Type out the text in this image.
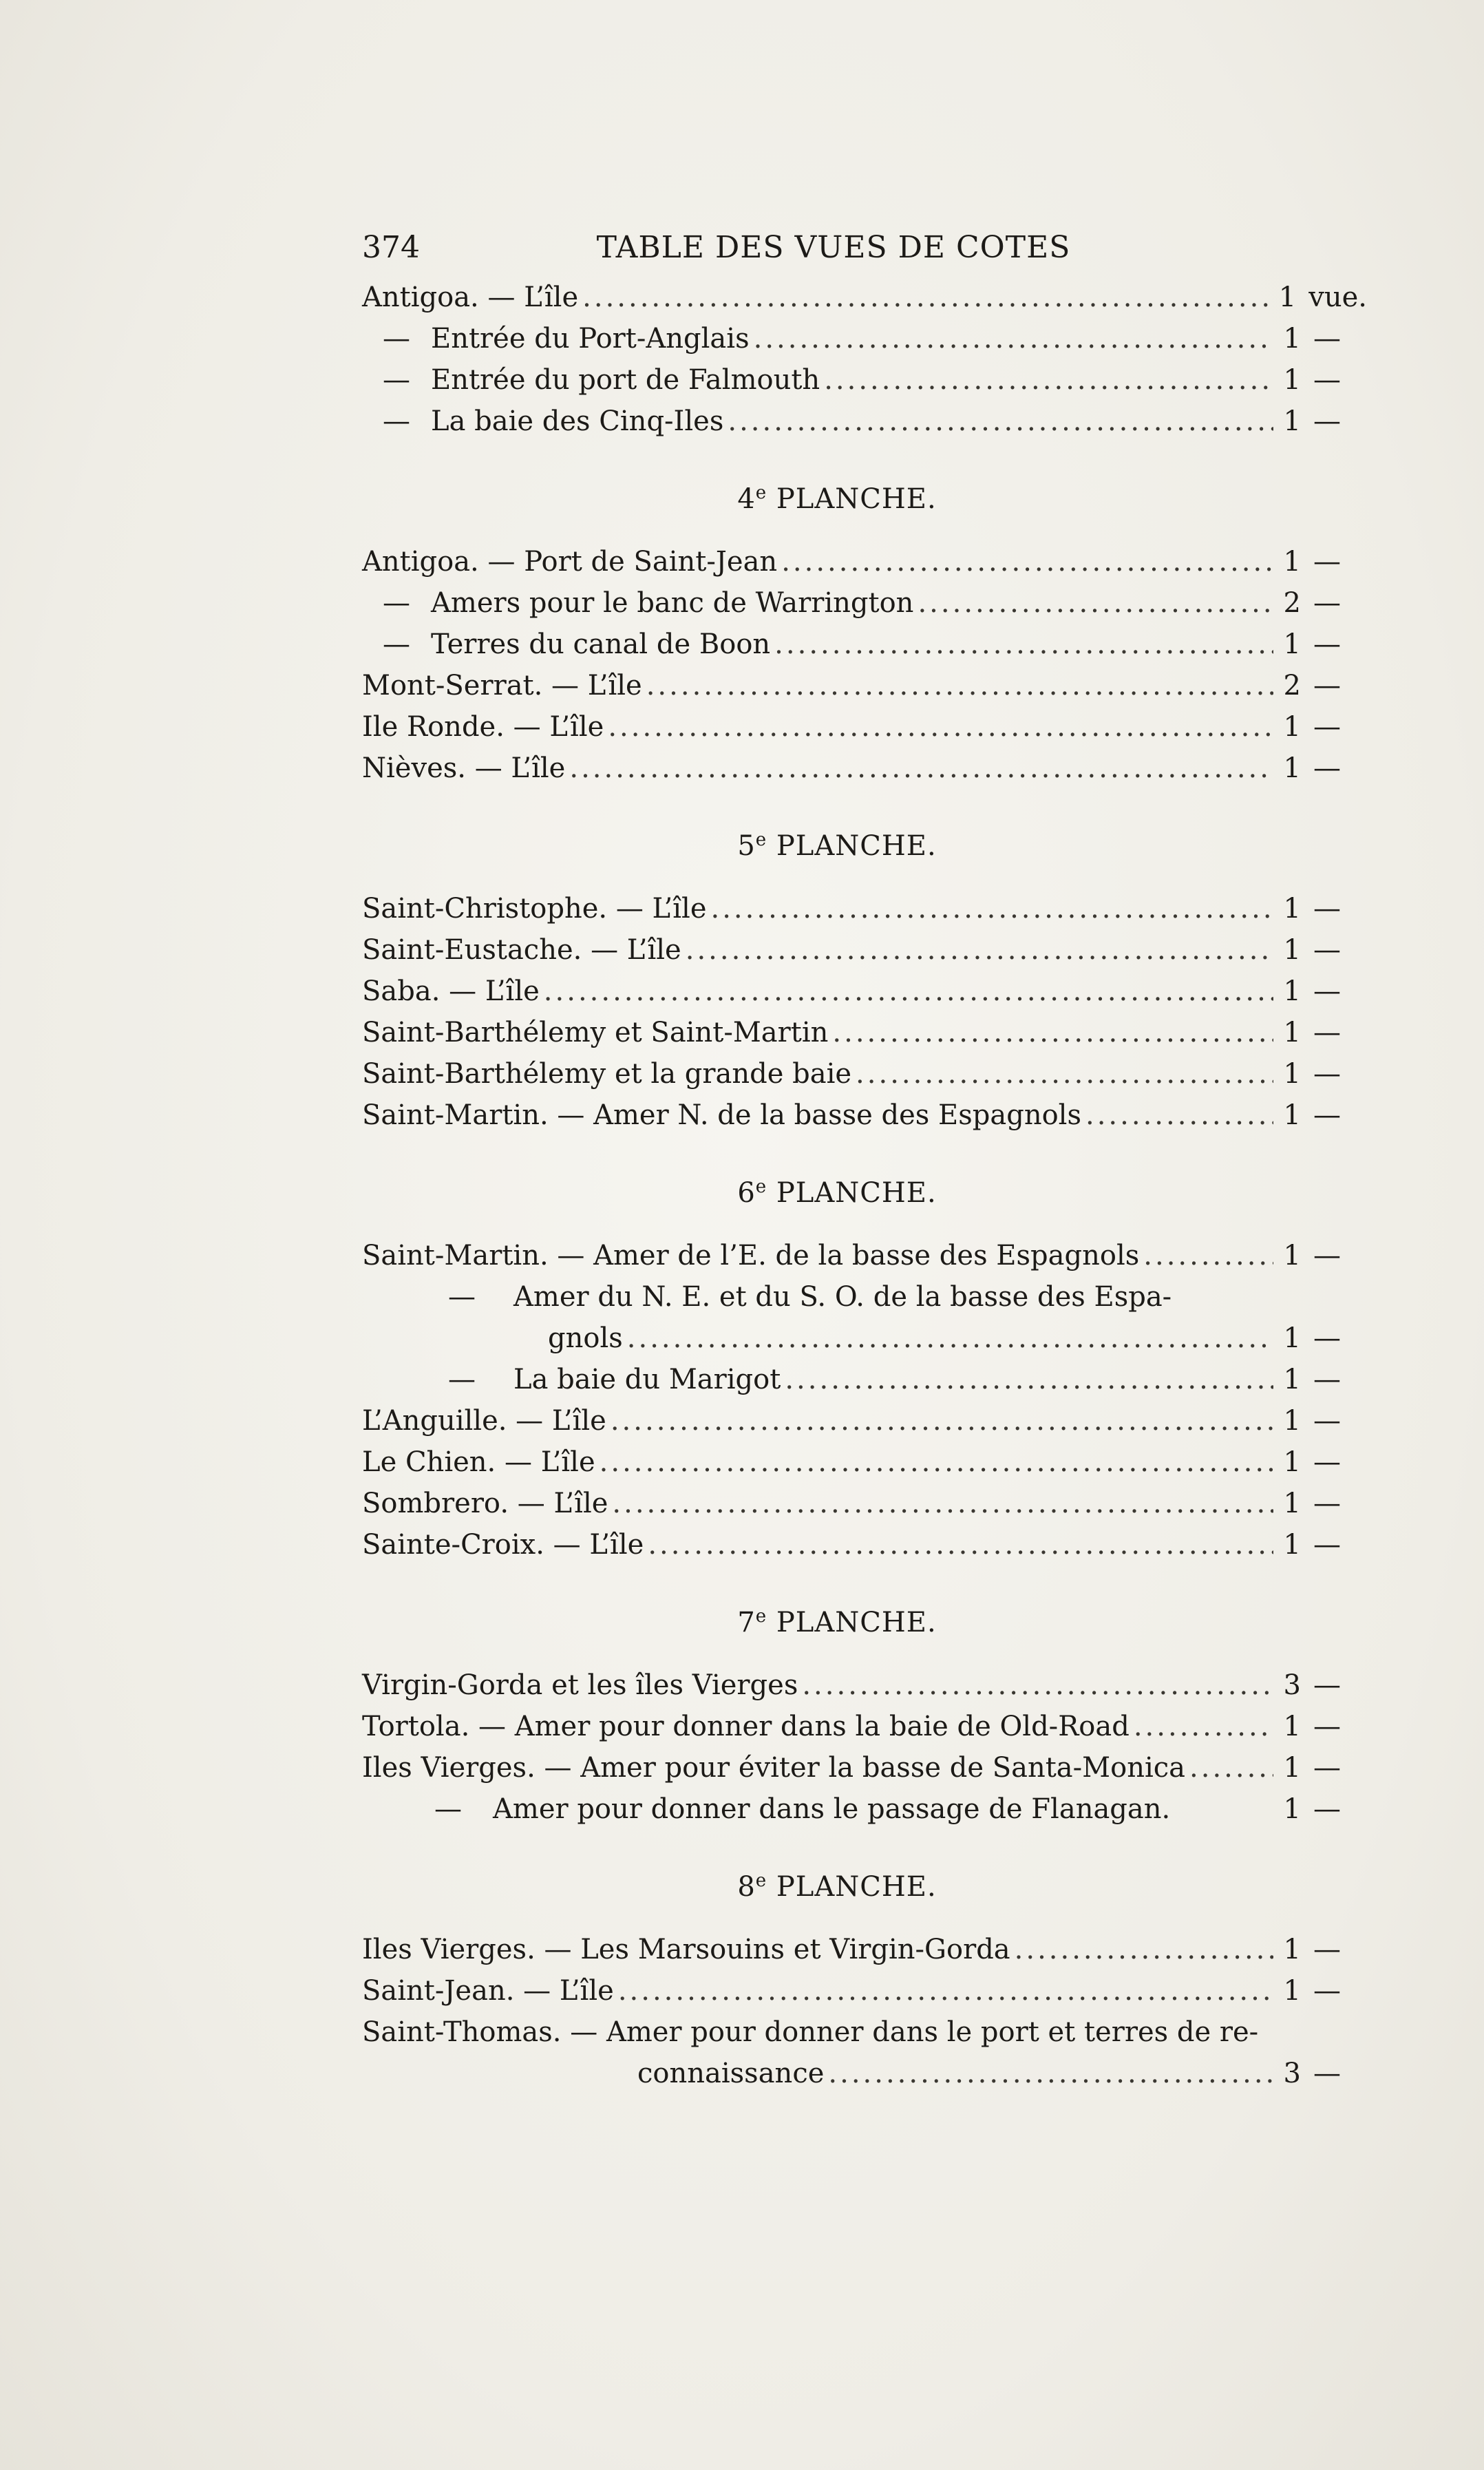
374	TABLE DES VUES DE COTES
Antigoa. — L’île .....	1 vue.
— Entrée du Port-Anglais .....	1 —
— Entrée du port de Falmouth .....	1 —
— La baie des Cinq-Iles .....	1 —
4e PLANCHE.
Antigoa. — Port de Saint-Jean .....	1 —
— Amers pour le banc de Warrington .....	2 —
— Terres du canal de Boon .....	1 —
Mont-Serrat. — L’île .....	2 —
Ile Ronde. — L’île .....	1 —
Nièves. — L’île .....	1 —
5e PLANCHE.
Saint-Christophe. — L’île .....	1 —
Saint-Eustache. — L’île .....	1 —
Saba. — L’île .....	1 —
Saint-Barthélemy et Saint-Martin .....	1 —
Saint-Barthélemy et la grande baie .....	1 —
Saint-Martin. — Amer N. de la basse des Espagnols .....	1 —
6e PLANCHE.
Saint-Martin. — Amer de l’E. de la basse des Espagnols .....	1 —
—	Amer du N. E. et du S. O. de la basse des Espa-
gnols .....	1 —
—	La baie du Marigot .....	1 —
L’Anguille. — L’île .....	1 —
Le Chien. — L’île .....	1 —
Sombrero. — L’île .....	1 —
Sainte-Croix. — L’île .....	1 —
7e PLANCHE.
Virgin-Gorda et les îles Vierges .....	3 —
Tortola. — Amer pour donner dans la baie de Old-Road .....	1 —
Iles Vierges. — Amer pour éviter la basse de Santa-Monica .....	1 —
—	Amer pour donner dans le passage de Flanagan.	1 —
8e PLANCHE.
Iles Vierges. — Les Marsouins et Virgin-Gorda .....	1 —
Saint-Jean. — L’île .....	1 —
Saint-Thomas. — Amer pour donner dans le port et terres de re-
connaissance .....	3 —
